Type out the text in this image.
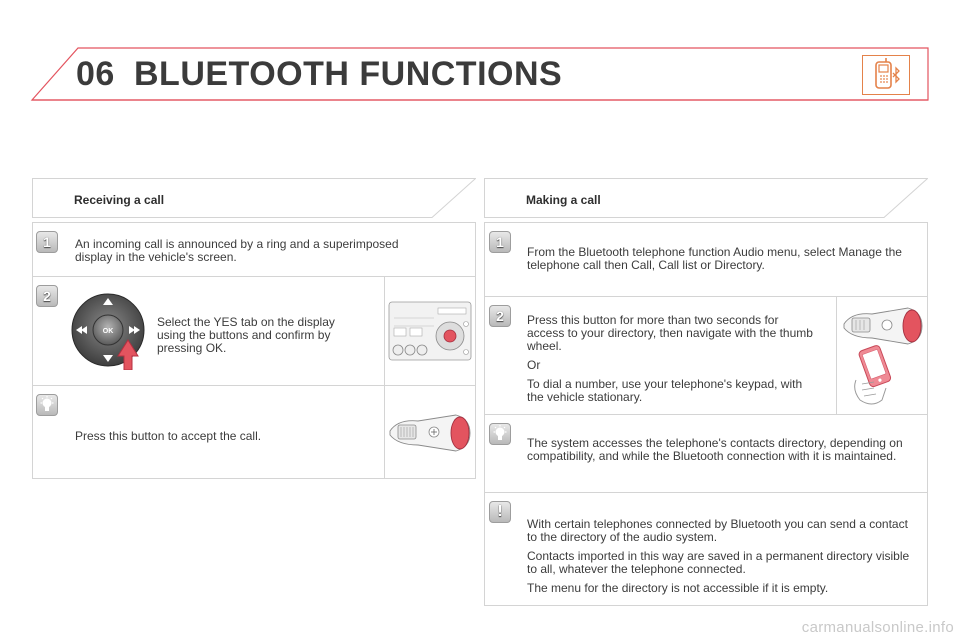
06 BLUETOOTH FUNCTIONS
Receiving a call
1	An incoming call is announced by a ring and a superimposed display in the vehicle's screen.
2
OK
Select the YES tab on the display using the buttons and confirm by pressing OK.
Press this button to accept the call.
Making a call
1
From the Bluetooth telephone function Audio menu, select Manage the telephone call then Call, Call list or Directory.
2	Press this button for more than two seconds for access to your directory, then navigate with the thumb wheel.

Or

To dial a number, use your telephone's keypad, with the vehicle stationary.

The system accesses the telephone's contacts directory, depending on compatibility, and while the Bluetooth connection with it is maintained.
!

With certain telephones connected by Bluetooth you can send a contact to the directory of the audio system.

Contacts imported in this way are saved in a permanent directory visible to all, whatever the telephone connected.

The menu for the directory is not accessible if it is empty.

carmanualsonline.info
